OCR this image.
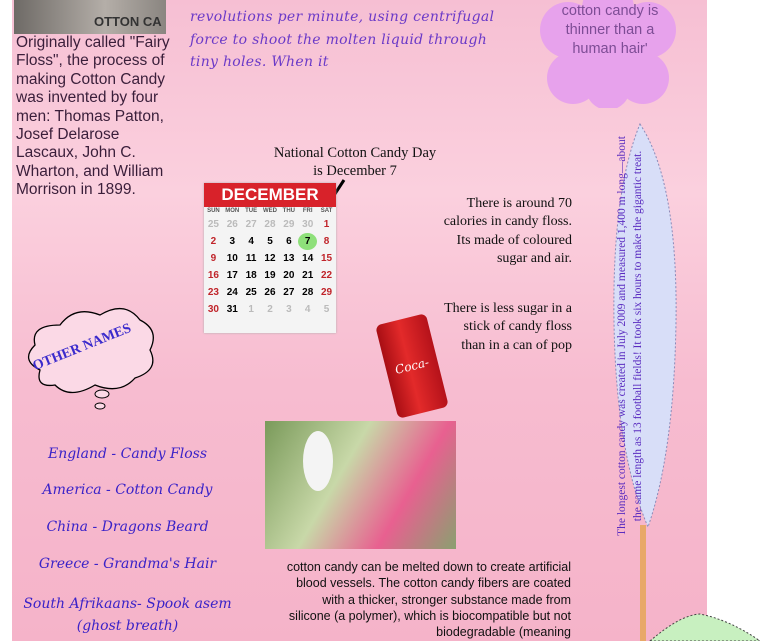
OTTON CA
Originally called "Fairy Floss", the process of making Cotton Candy was invented by four men: Thomas Patton, Josef Delarose Lascaux, John C. Wharton, and William Morrison in 1899.
revolutions per minute, using centrifugal force to shoot the molten liquid through tiny holes. When it
cotton candy is thinner than a human hair'
National Cotton Candy Day is December 7
DECEMBER
SUN MON TUE WED THU	FRI	SAT
25 26 27 28 29 30	1
2	3	4	5	6	7	8
9	10 11 12 13 14 15
16 17 18 19 20 21 22
23 24 25 26 27 28 29
30 31	1	2	3	4	5
There is around 70 calories in candy floss. Its made of coloured sugar and air.
There is less sugar in a stick of candy floss than in a can of pop
Coca-Cola
OTHER NAMES
England - Candy Floss
America - Cotton Candy
China - Dragons Beard
Greece - Grandma's Hair
South Afrikaans- Spook asem (ghost breath)
cotton candy can be melted down to create artificial blood vessels. The cotton candy fibers are coated with a thicker, stronger substance made from silicone (a polymer), which is biocompatible but not biodegradable (meaning
The longest cotton candy was created in July 2009 and measured 1,400 m long—about the same length as 13 football fields! It took six hours to make the gigantic treat.
